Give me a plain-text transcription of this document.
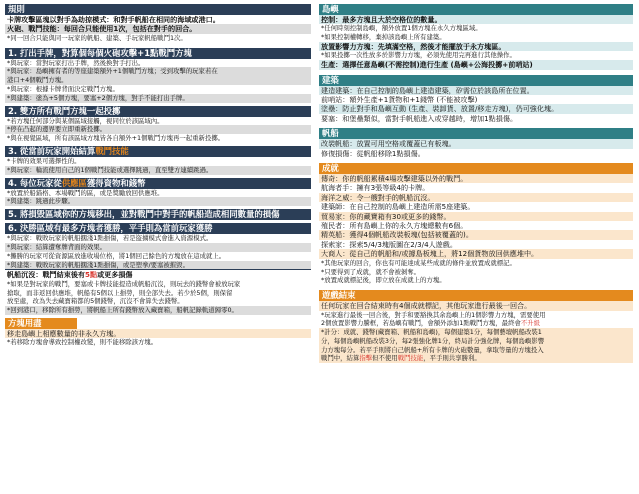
規則
卡牌攻擊區塊以對手為劫掠模式：和對手帆船在相同的海域或港口。
火砲、戰鬥技能：每回合只能使用1次，包括在對手的回合。
*同一回合只能與同一玩家的帆船、建築、手玩家帆船戰鬥1次。
1. 打出手牌，對算個每個火砲攻擊+1點戰鬥方塊
*與玩家：當對玩家打出手牌，然後換對手打出。
*與玩家：島嶼擁有者的等座建築額外+1個戰鬥方塊；受到攻擊的玩家若在
港口+4個戰鬥方塊。
*與玩家：根據卡牌背面決定戰鬥方塊。
*與建築：塗為+5個方塊，要塞+2個方塊，對手不能打出手牌。
2. 雙方所有戰鬥方塊一起投擲
*若方塊任何部分與某個區域接觸，視同位於該區域內。
*停在凸起的邊界要立即重新投擲。
*與在視覺區域，所有該區域方塊皆各自額外+1個戰鬥方塊再一起重新投擲。
3. 從當前玩家開始結算戰鬥技能
*卡牌的效果可選擇性的。
*與玩家：輪流使用自己的1個戰鬥技能或選擇跳過，直至雙方連續跳過。
4. 每位玩家從供應區獲得資物和錢幣
*放置於船錨格、本場戰鬥的區，或是獎勵放回供應堆。
*與建築：跳過此步驟。
5. 將損毀區域你的方塊移出，並對戰鬥中對手的帆船造成相同數量的損傷
6. 決勝區域有最多方塊者獲勝，平手則為當前玩家獲勝
*與玩家：戰敗玩家的帆船擱淺1點損傷，若是盜擄模式會進入資源模式。
*與玩家：結算遭奪牌背面的效果。
*攤勝的玩家可從資源區放進收場位格，將1個回己餘色的方塊放在這成就上。
*與建築：戰敗玩家的帆船擱淺1點損傷，或是塑拳/要塞被摧毀。
帆船沉沒：戰鬥結束後有5點或更多損傷
*如果是對玩家的戰鬥，要塞或卡牌技能提造成帆船沉沒，則玩去的錢幣會被放玩家
搶取，而非返回供應堆，帆船有5個以上損勞，則全部失去。若少於5個，則保留
放至處，改為失去藏寶箱都的5個錢幣，沉沒不會算失去錢幣。
*回到港口，移除所有損勞，將帆船上所有錢幣放入藏寶箱，船帆記錄軌道歸零0。
方塊用盡
移走島嶼上相應數量的非永久方塊。
*若移除方塊會導致控制權改變，則不能移除該方塊。
島嶼
控制：最多方塊且大於空格位的數量。
*任何時刻控制島嶼，額外放置1個方塊在永久方塊區域。
*如果控制權轉移，棄掉該島嶼上所有建築。
放置影響力方塊：先填滿空格，然後才能擺放于永方塊區。
*如果投擲一次性放多於影響力方塊，必須先使用完再進行其他操作。
生產：選擇任意島嶼(不需控制)進行生產 (島嶼+公海投擲+前哨站)
建築
建造建築：在自己控制的島嶼上建造建築，矽需位於該島所在位置。
前哨站：額外生產+1貨物和+1錢幣 (不能被攻擊)
塗壘：防止對手和島嶼互動 (生產、裝卸貨、放置/移走方塊)，仍可強化塊。
要塞：和堡壘類似，當對手帆船進入或穿越時，增加1點損傷。
帆船
改裝帆船：放置可用空格或覆蓋已有板塊。
修復損傷：從帆船移除1點損傷。
成就
傳奇：你的帆船累積4場攻擊建築以外的戰鬥。
航海者手：擁有3張等級4的卡牌。
海洋之威：令一艘對手的帆船沉沒。
建築師：在自己控制的島嶼上建造所需5座建築。
貿易家：你的藏寶箱有30或更多的錢幣。
殖民者：所有島嶼上你的永久方塊總數有6個。
精英船：獲得4個帆船改裝板塊(包括被覆蓋的)。
探索家：探索5/4/3塊版圖在2/3/4人遊戲。
大商人：從自己的帆船和/或據島板塊上，將12個貨物放回供應堆中。
*其他玩家的回合，你也有可能達成某些成就的條件並放置成就標記。
*只要得到了成就，就不會被剝奪。
*放置成就標記後，即立放在成就上的方塊。
遊戲結束
任何玩家在回合結束時有4個成就標記，其他玩家進行最後一回合。
*玩家進行最後一回合後，對手和要豁換其余島嶼上的1個影響力方塊，需要使用
2個放置影響力騰框，若島嶼有戰鬥，會額外添加1點戰鬥方塊，最終會不升級
*計分：成就、錢幣(藏寶箱、帆船和島嶼)，每個建築1分，每個藝壇帆船改裝1
分，每個島嶼帆船改裝3分，每2張強化牌1分，終局計分強化牌，每個島嶼影響
力方塊每分。若平手則將自己帆船+所有卡牌的火砲數量，拿取等量的方塊投入
戰鬥中，結算指擊但不使用戰鬥技能，平手則共享勝利。
